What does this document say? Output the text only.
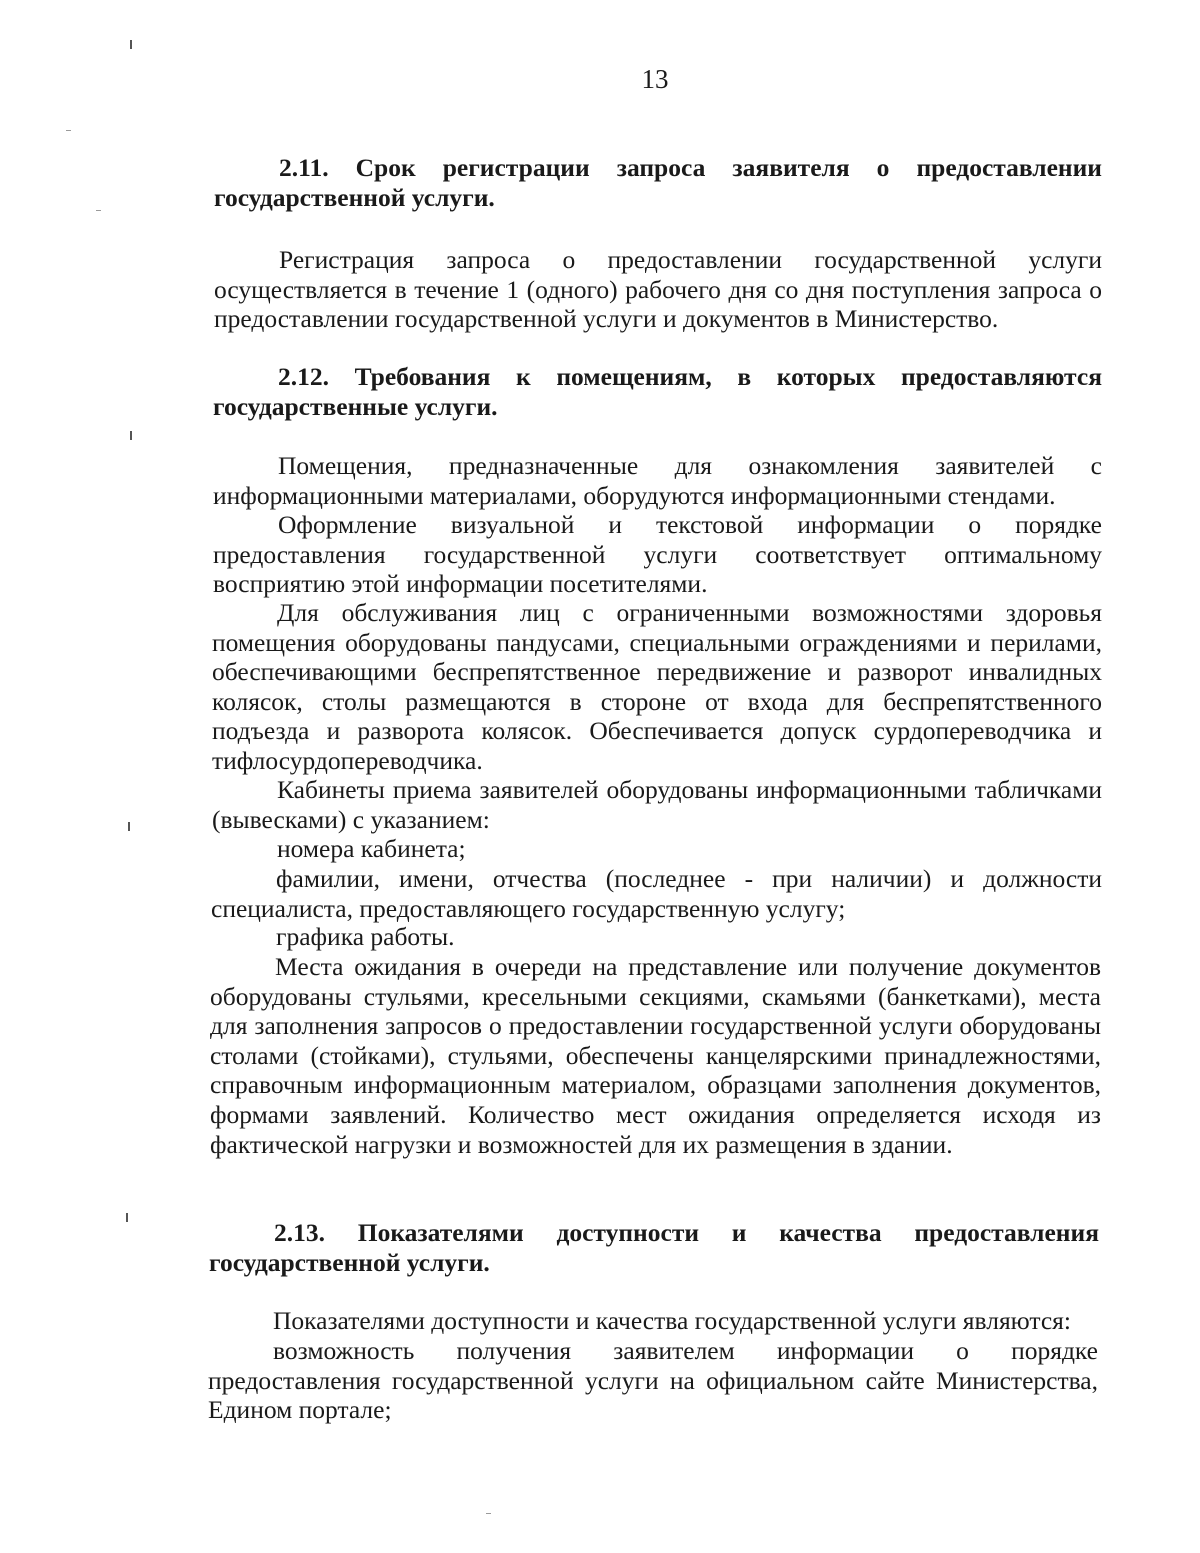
13
2.11. Срок регистрации запроса заявителя о предоставлении государственной услуги.
Регистрация запроса о предоставлении государственной услуги осуществляется в течение 1 (одного) рабочего дня со дня поступления запроса о предоставлении государственной услуги и документов в Министерство.
2.12. Требования к помещениям, в которых предоставляются государственные услуги.
Помещения, предназначенные для ознакомления заявителей с информационными материалами, оборудуются информационными стендами.
Оформление визуальной и текстовой информации о порядке предоставления государственной услуги соответствует оптимальному восприятию этой информации посетителями.
Для обслуживания лиц с ограниченными возможностями здоровья помещения оборудованы пандусами, специальными ограждениями и перилами, обеспечивающими беспрепятственное передвижение и разворот инвалидных колясок, столы размещаются в стороне от входа для беспрепятственного подъезда и разворота колясок. Обеспечивается допуск сурдопереводчика и тифлосурдопереводчика.
Кабинеты приема заявителей оборудованы информационными табличками (вывесками) с указанием:
номера кабинета;
фамилии, имени, отчества (последнее - при наличии) и должности специалиста, предоставляющего государственную услугу;
графика работы.
Места ожидания в очереди на представление или получение документов оборудованы стульями, кресельными секциями, скамьями (банкетками), места для заполнения запросов о предоставлении государственной услуги оборудованы столами (стойками), стульями, обеспечены канцелярскими принадлежностями, справочным информационным материалом, образцами заполнения документов, формами заявлений. Количество мест ожидания определяется исходя из фактической нагрузки и возможностей для их размещения в здании.
2.13. Показателями доступности и качества предоставления государственной услуги.
Показателями доступности и качества государственной услуги являются:
возможность получения заявителем информации о порядке предоставления государственной услуги на официальном сайте Министерства, Едином портале;
